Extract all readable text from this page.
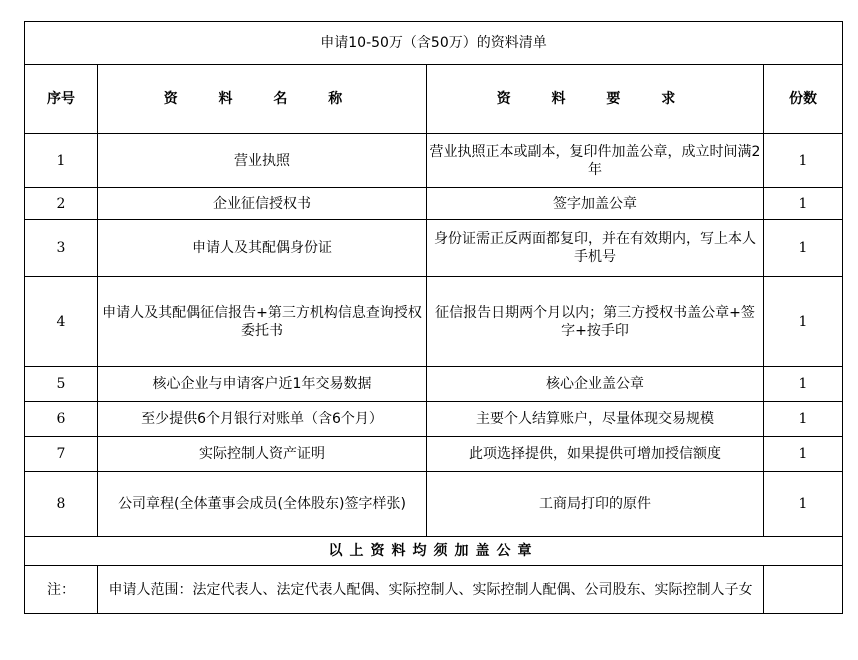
申请10-50万（含50万）的资料清单			
序号	资 料 名 称	资 料 要 求	份数
1	营业执照	营业执照正本或副本，复印件加盖公章，成立时间满2年	1
2	企业征信授权书	签字加盖公章	1
3	申请人及其配偶身份证	身份证需正反两面都复印，并在有效期内，写上本人手机号	1
4	申请人及其配偶征信报告+第三方机构信息查询授权委托书	征信报告日期两个月以内；第三方授权书盖公章+签字+按手印	1
5	核心企业与申请客户近1年交易数据	核心企业盖公章	1
6	至少提供6个月银行对账单（含6个月）	主要个人结算账户，尽量体现交易规模	1
7	实际控制人资产证明	此项选择提供，如果提供可增加授信额度	1
8	公司章程(全体董事会成员(全体股东)签字样张)	工商局打印的原件	1
以上资料均须加盖公章			
注：	申请人范围：法定代表人、法定代表人配偶、实际控制人、实际控制人配偶、公司股东、实际控制人子女		
